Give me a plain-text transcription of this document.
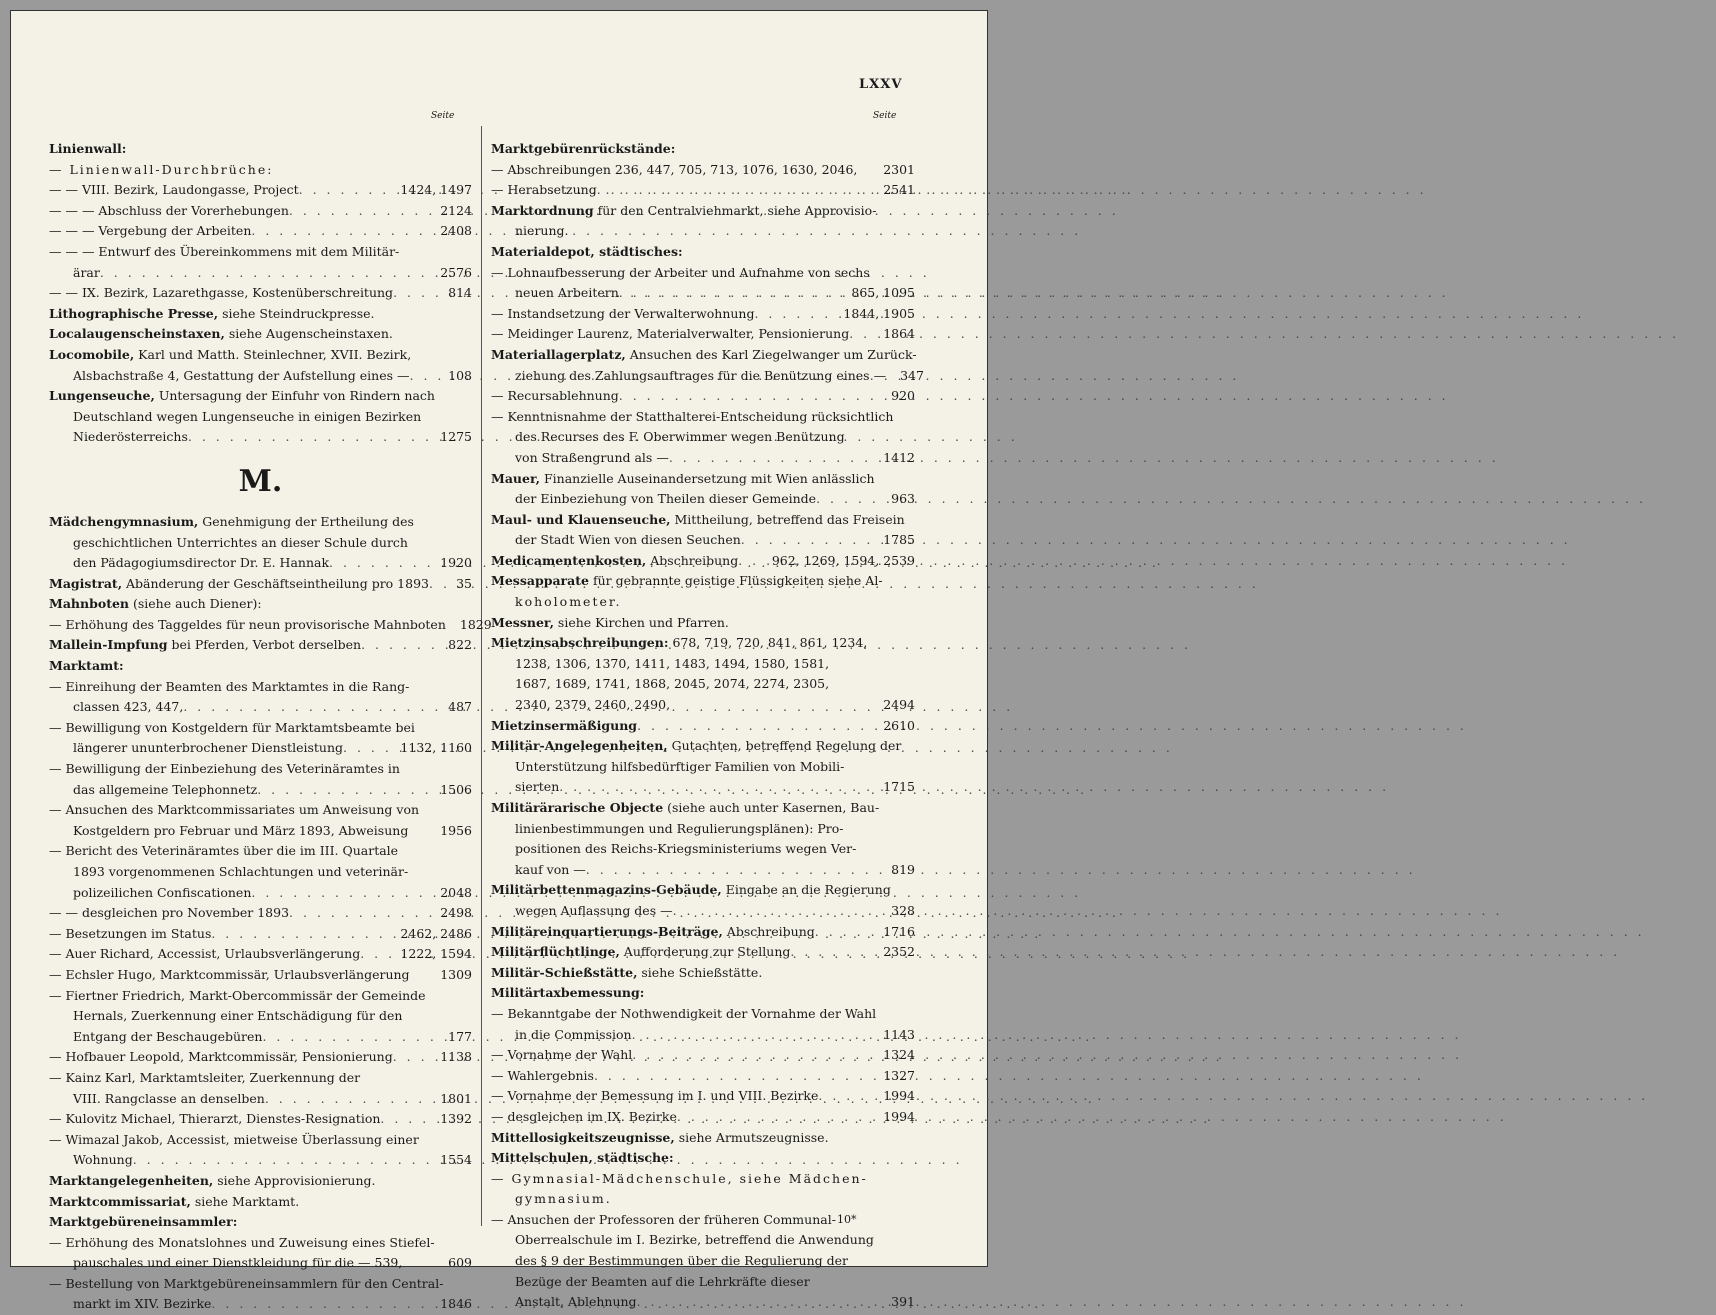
LXXV
Seite	Seite
Linienwall:
— Linienwall-Durchbrüche:
— — VIII. Bezirk, Laudongasse, Project . . .	1424, 1497
— — — Abschluss der Vorerhebungen . . .	2124
— — — Vergebung der Arbeiten . . .	2408
— — — Entwurf des Übereinkommens mit dem Militär-
ärar . . .	2576
— — IX. Bezirk, Lazarethgasse, Kostenüberschreitung . . .	814
Lithographische Presse, siehe Steindruckpresse.
Localaugenscheinstaxen, siehe Augenscheinstaxen.
Locomobile, Karl und Matth. Steinlechner, XVII. Bezirk,
Alsbachstraße 4, Gestattung der Aufstellung eines — . . .	108
Lungenseuche, Untersagung der Einfuhr von Rindern nach
Deutschland wegen Lungenseuche in einigen Bezirken
Niederösterreichs . . .	1275
M.
Mädchengymnasium, Genehmigung der Ertheilung des
geschichtlichen Unterrichtes an dieser Schule durch
den Pädagogiumsdirector Dr. E. Hannak . . .	1920
Magistrat, Abänderung der Geschäftseintheilung pro 1893 . . .	35
Mahnboten (siehe auch Diener):
— Erhöhung des Taggeldes für neun provisorische Mahnboten	1829
Mallein-Impfung bei Pferden, Verbot derselben . . .	822
Marktamt:
— Einreihung der Beamten des Marktamtes in die Rang-
classen 423, 447, . . .	487
— Bewilligung von Kostgeldern für Marktamtsbeamte bei
längerer ununterbrochener Dienstleistung . . .	1132, 1160
— Bewilligung der Einbeziehung des Veterinäramtes in
das allgemeine Telephonnetz . . .	1506
— Ansuchen des Marktcommissariates um Anweisung von
Kostgeldern pro Februar und März 1893, Abweisung	1956
— Bericht des Veterinäramtes über die im III. Quartale
1893 vorgenommenen Schlachtungen und veterinär-
polizeilichen Confiscationen . . .	2048
— — desgleichen pro November 1893 . . .	2498
— Besetzungen im Status . . .	2462, 2486
— Auer Richard, Accessist, Urlaubsverlängerung . . .	1222, 1594
— Echsler Hugo, Marktcommissär, Urlaubsverlängerung	1309
— Fiertner Friedrich, Markt-Obercommissär der Gemeinde
Hernals, Zuerkennung einer Entschädigung für den
Entgang der Beschaugebüren . . .	177
— Hofbauer Leopold, Marktcommissär, Pensionierung . . .	1138
— Kainz Karl, Marktamtsleiter, Zuerkennung der
VIII. Rangclasse an denselben . . .	1801
— Kulovitz Michael, Thierarzt, Dienstes-Resignation . . .	1392
— Wimazal Jakob, Accessist, mietweise Überlassung einer
Wohnung . . .	1554
Marktangelegenheiten, siehe Approvisionierung.
Marktcommissariat, siehe Marktamt.
Marktgebüreneinsammler:
— Erhöhung des Monatslohnes und Zuweisung eines Stiefel-
pauschales und einer Dienstkleidung für die — 539,	609
— Bestellung von Marktgebüreneinsammlern für den Central-
markt im XIV. Bezirke . . .	1846
Marktgebürenrückstände:
— Abschreibungen 236, 447, 705, 713, 1076, 1630, 2046,	2301
— Herabsetzung . . .	2541
Marktordnung für den Centralviehmarkt, siehe Approvisio-
nierung.
Materialdepot, städtisches:
— Lohnaufbesserung der Arbeiter und Aufnahme von sechs
neuen Arbeitern . . .	865, 1095
— Instandsetzung der Verwalterwohnung . . .	1844, 1905
— Meidinger Laurenz, Materialverwalter, Pensionierung . . .	1864
Materiallagerplatz, Ansuchen des Karl Ziegelwanger um Zurück-
ziehung des Zahlungsauftrages für die Benützung eines —	347
— Recursablehnung . . .	920
— Kenntnisnahme der Statthalterei-Entscheidung rücksichtlich
des Recurses des F. Oberwimmer wegen Benützung
von Straßengrund als — . . .	1412
Mauer, Finanzielle Auseinandersetzung mit Wien anlässlich
der Einbeziehung von Theilen dieser Gemeinde . . .	963
Maul- und Klauenseuche, Mittheilung, betreffend das Freisein
der Stadt Wien von diesen Seuchen . . .	1785
Medicamentenkosten, Abschreibung . . .	962, 1269, 1594, 2539
Messapparate für gebrannte geistige Flüssigkeiten siehe Al-
koholometer.
Messner, siehe Kirchen und Pfarren.
Mietzinsabschreibungen: 678, 719, 720, 841, 861, 1234,
1238, 1306, 1370, 1411, 1483, 1494, 1580, 1581,
1687, 1689, 1741, 1868, 2045, 2074, 2274, 2305,
2340, 2379, 2460, 2490,	2494
Mietzinsermäßigung . . .	2610
Militär-Angelegenheiten, Gutachten, betreffend Regelung der
Unterstützung hilfsbedürftiger Familien von Mobili-
sierten . . .	1715
Militärärarische Objecte (siehe auch unter Kasernen, Bau-
linienbestimmungen und Regulierungsplänen): Pro-
positionen des Reichs-Kriegsministeriums wegen Ver-
kauf von — . . .	819
Militärbettenmagazins-Gebäude, Eingabe an die Regierung
wegen Auflassung des — . . .	328
Militäreinquartierungs-Beiträge, Abschreibung . . .	1716
Militärflüchtlinge, Aufforderung zur Stellung . . .	2352
Militär-Schießstätte, siehe Schießstätte.
Militärtaxbemessung:
— Bekanntgabe der Nothwendigkeit der Vornahme der Wahl
in die Commission . . .	1143
— Vornahme der Wahl . . .	1324
— Wahlergebnis . . .	1327
— Vornahme der Bemessung im I. und VIII. Bezirke . . .	1994
— desgleichen im IX. Bezirke . . .	1994
Mittellosigkeitszeugnisse, siehe Armutszeugnisse.
Mittelschulen, städtische:
— Gymnasial-Mädchenschule, siehe Mädchen-
gymnasium.
— Ansuchen der Professoren der früheren Communal-
Oberrealschule im I. Bezirke, betreffend die Anwendung
des § 9 der Bestimmungen über die Regulierung der
Bezüge der Beamten auf die Lehrkräfte dieser
Anstalt, Ablehnung . . .	391
10*
